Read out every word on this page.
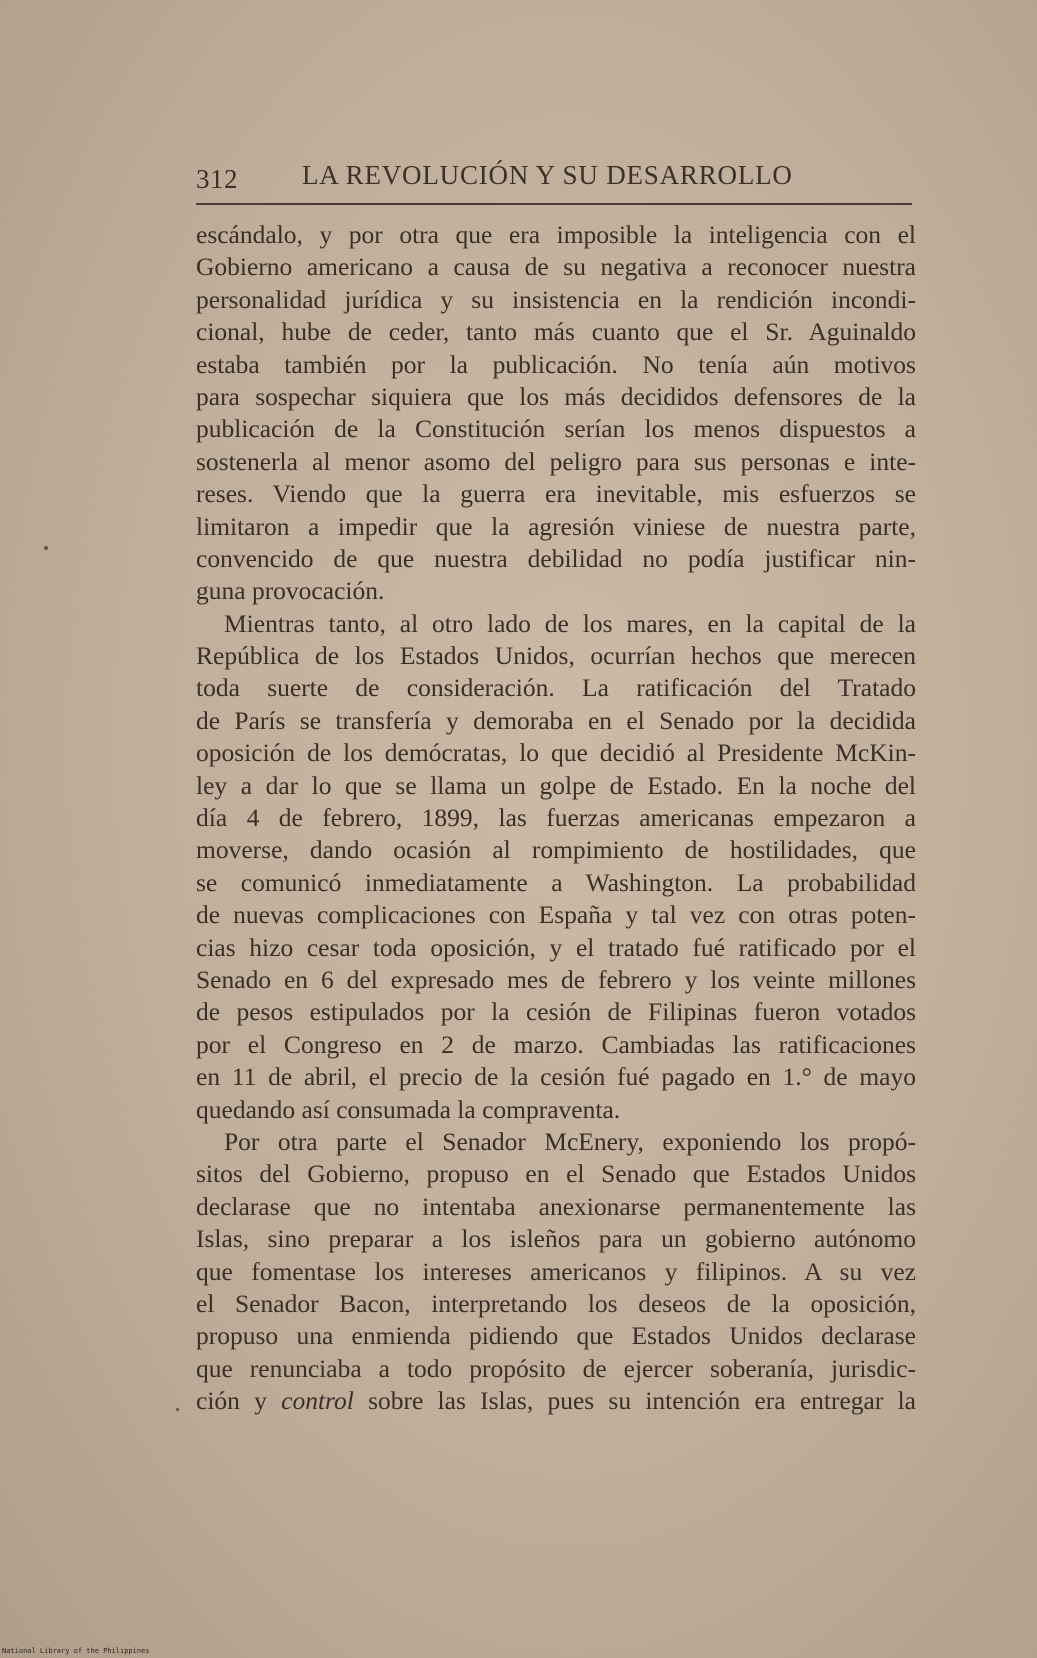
312 LA REVOLUCIÓN Y SU DESARROLLO
escándalo, y por otra que era imposible la inteligencia con el
Gobierno americano a causa de su negativa a reconocer nuestra
personalidad jurídica y su insistencia en la rendición incondi-
cional, hube de ceder, tanto más cuanto que el Sr. Aguinaldo
estaba también por la publicación. No tenía aún motivos
para sospechar siquiera que los más decididos defensores de la
publicación de la Constitución serían los menos dispuestos a
sostenerla al menor asomo del peligro para sus personas e inte-
reses. Viendo que la guerra era inevitable, mis esfuerzos se
limitaron a impedir que la agresión viniese de nuestra parte,
convencido de que nuestra debilidad no podía justificar nin-
guna provocación.
Mientras tanto, al otro lado de los mares, en la capital de la
República de los Estados Unidos, ocurrían hechos que merecen
toda suerte de consideración. La ratificación del Tratado
de París se transfería y demoraba en el Senado por la decidida
oposición de los demócratas, lo que decidió al Presidente McKin-
ley a dar lo que se llama un golpe de Estado. En la noche del
día 4 de febrero, 1899, las fuerzas americanas empezaron a
moverse, dando ocasión al rompimiento de hostilidades, que
se comunicó inmediatamente a Washington. La probabilidad
de nuevas complicaciones con España y tal vez con otras poten-
cias hizo cesar toda oposición, y el tratado fué ratificado por el
Senado en 6 del expresado mes de febrero y los veinte millones
de pesos estipulados por la cesión de Filipinas fueron votados
por el Congreso en 2 de marzo. Cambiadas las ratificaciones
en 11 de abril, el precio de la cesión fué pagado en 1.° de mayo
quedando así consumada la compraventa.
Por otra parte el Senador McEnery, exponiendo los propó-
sitos del Gobierno, propuso en el Senado que Estados Unidos
declarase que no intentaba anexionarse permanentemente las
Islas, sino preparar a los isleños para un gobierno autónomo
que fomentase los intereses americanos y filipinos. A su vez
el Senador Bacon, interpretando los deseos de la oposición,
propuso una enmienda pidiendo que Estados Unidos declarase
que renunciaba a todo propósito de ejercer soberanía, jurisdic-
ción y control sobre las Islas, pues su intención era entregar la
National Library of the Philippines
